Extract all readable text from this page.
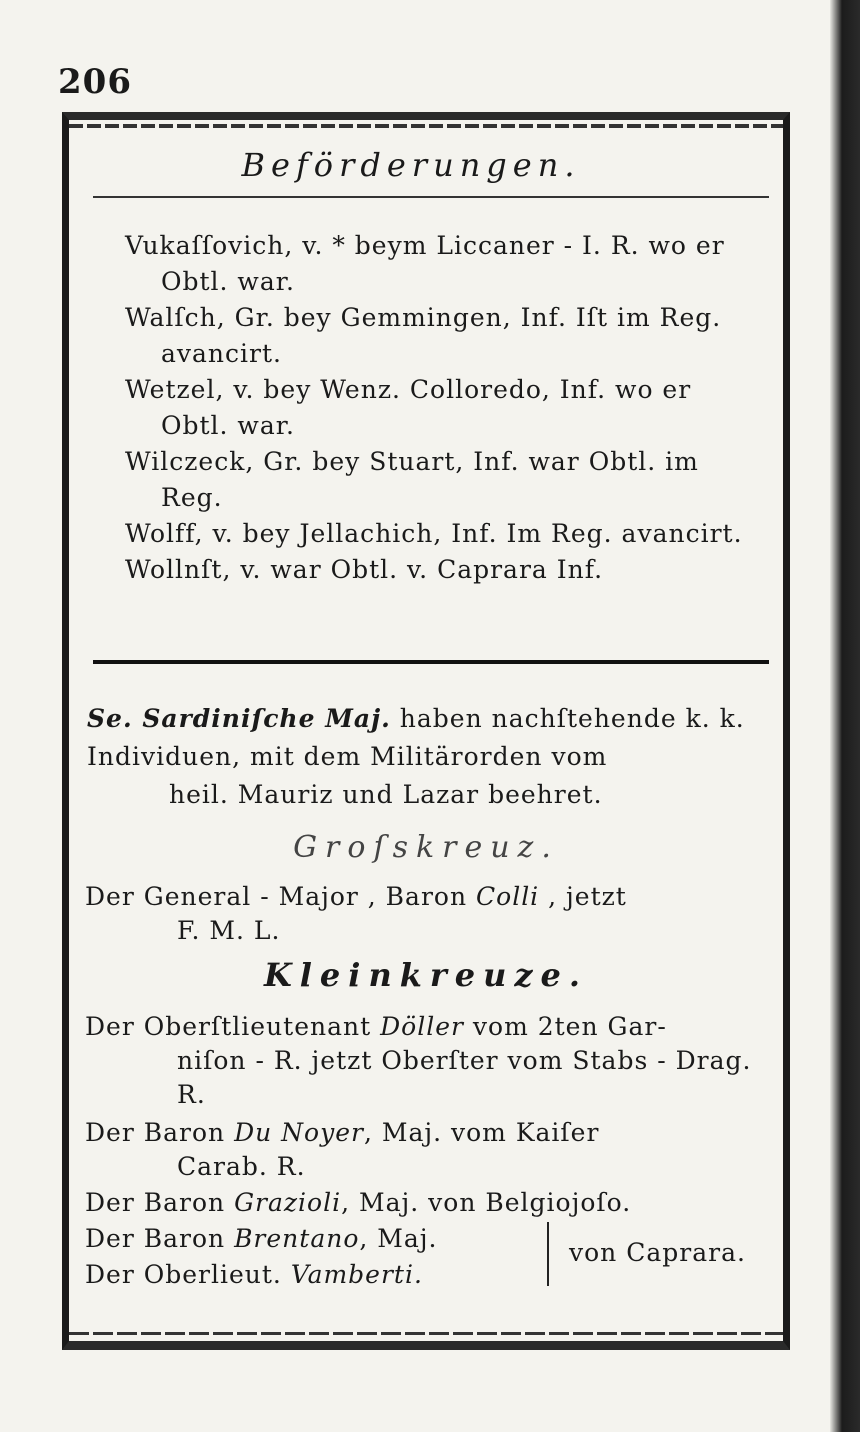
206
Beförderungen.
Vukaſſovich, v. * beym Liccaner - I. R. wo er Obtl. war.
Walſch, Gr. bey Gemmingen, Inf. Iſt im Reg. avancirt.
Wetzel, v. bey Wenz. Colloredo, Inf. wo er Obtl. war.
Wilczeck, Gr. bey Stuart, Inf. war Obtl. im Reg.
Wolff, v. bey Jellachich, Inf. Im Reg. avancirt.
Wollnſt, v. war Obtl. v. Caprara Inf.
Se. Sardiniſche Maj. haben nachſtehende k. k. Individuen, mit dem Militärorden vom
heil. Mauriz und Lazar beehret.
Groſskreuz.
Der General - Major , Baron Colli , jetzt
F. M. L.
Kleinkreuze.
Der Oberſtlieutenant Döller vom 2ten Gar-
niſon - R. jetzt Oberſter vom Stabs - Drag. R.
Der Baron Du Noyer, Maj. vom Kaiſer
Carab. R.
Der Baron Grazioli, Maj. von Belgiojoſo.
Der Baron Brentano, Maj.
Der Oberlieut. Vamberti.
von Caprara.
